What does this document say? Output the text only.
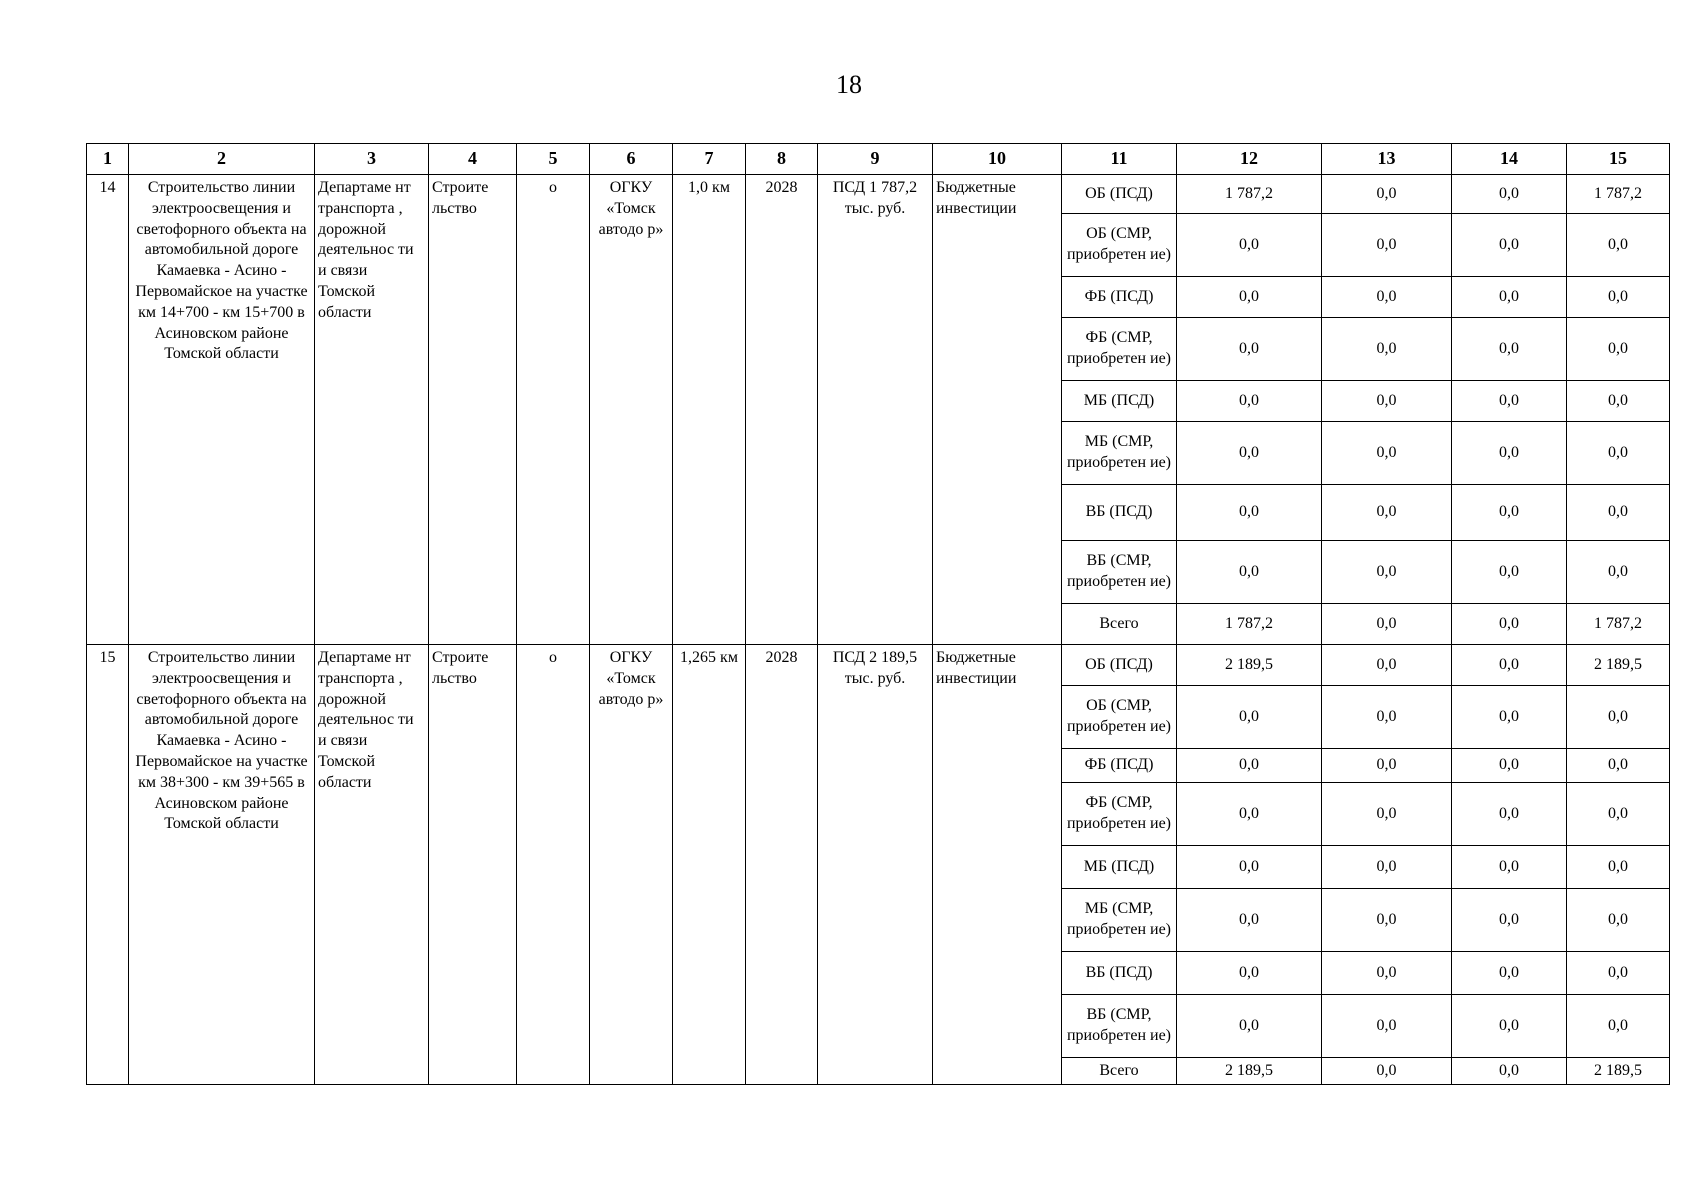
18
1	2	3	4	5	6	7	8	9	10	11	12	13	14	15
14	Строительство линии электроосвещения и светофорного объекта на автомобильной дороге Камаевка - Асино - Первомайское на участке км 14+700 - км 15+700 в Асиновском районе Томской области	Департаме нт транспорта , дорожной деятельнос ти и связи Томской области	Строите льство	о	ОГКУ «Томск автодо р»	1,0 км	2028	ПСД 1 787,2 тыс. руб.	Бюджетные инвестиции	ОБ (ПСД)	1 787,2	0,0	0,0	1 787,2
										ОБ (СМР, приобретен ие)	0,0	0,0	0,0	0,0
										ФБ (ПСД)	0,0	0,0	0,0	0,0
										ФБ (СМР, приобретен ие)	0,0	0,0	0,0	0,0
										МБ (ПСД)	0,0	0,0	0,0	0,0
										МБ (СМР, приобретен ие)	0,0	0,0	0,0	0,0
										ВБ (ПСД)	0,0	0,0	0,0	0,0
										ВБ (СМР, приобретен ие)	0,0	0,0	0,0	0,0
										Всего	1 787,2	0,0	0,0	1 787,2
15	Строительство линии электроосвещения и светофорного объекта на автомобильной дороге Камаевка - Асино - Первомайское на участке км 38+300 - км 39+565 в Асиновском районе Томской области	Департаме нт транспорта , дорожной деятельнос ти и связи Томской области	Строите льство	о	ОГКУ «Томск автодо р»	1,265 км	2028	ПСД 2 189,5 тыс. руб.	Бюджетные инвестиции	ОБ (ПСД)	2 189,5	0,0	0,0	2 189,5
										ОБ (СМР, приобретен ие)	0,0	0,0	0,0	0,0
										ФБ (ПСД)	0,0	0,0	0,0	0,0
										ФБ (СМР, приобретен ие)	0,0	0,0	0,0	0,0
										МБ (ПСД)	0,0	0,0	0,0	0,0
										МБ (СМР, приобретен ие)	0,0	0,0	0,0	0,0
										ВБ (ПСД)	0,0	0,0	0,0	0,0
										ВБ (СМР, приобретен ие)	0,0	0,0	0,0	0,0
										Всего	2 189,5	0,0	0,0	2 189,5
